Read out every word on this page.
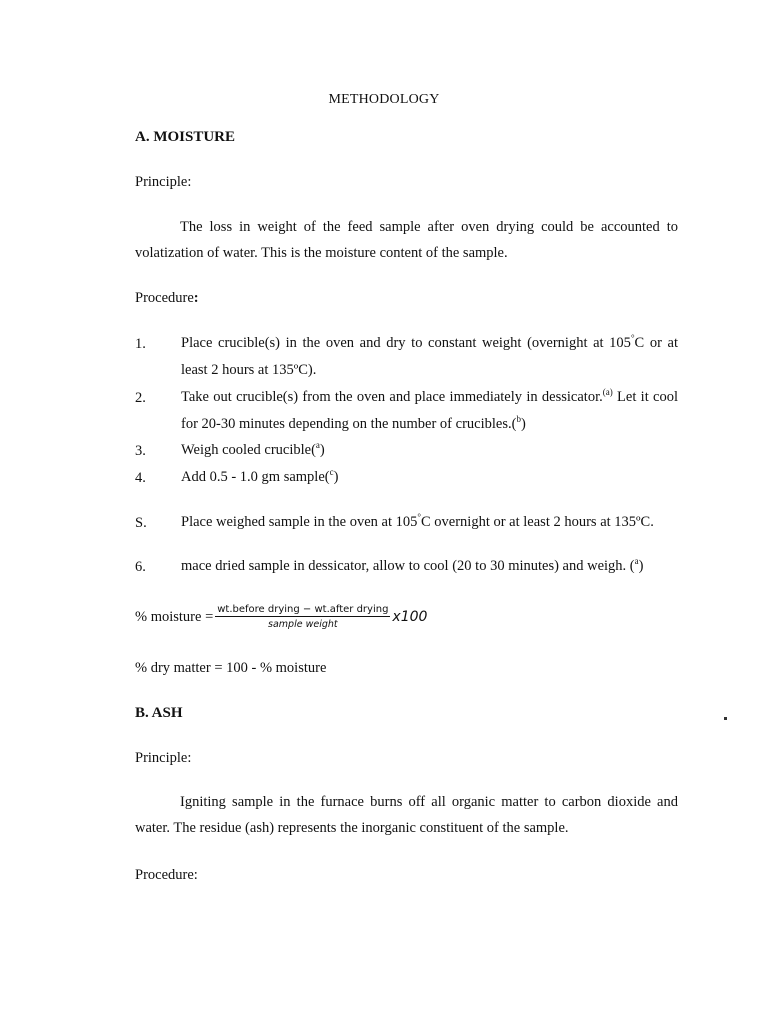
METHODOLOGY
A. MOISTURE
Principle:
The loss in weight of the feed sample after oven drying could be accounted to volatization of water. This is the moisture content of the sample.
Procedure:
1. Place crucible(s) in the oven and dry to constant weight (overnight at 105°C or at least 2 hours at 135ºC).
2. Take out crucible(s) from the oven and place immediately in dessicator.$^{(a)}$ Let it cool for 20-30 minutes depending on the number of crucibles.($^b$)
3. Weigh cooled crucible($^a$)
4. Add 0.5 - 1.0 gm sample($^c$)
S. Place weighed sample in the oven at 105°C overnight or at least 2 hours at 135ºC.
6. mace dried sample in dessicator, allow to cool (20 to 30 minutes) and weigh. ($^a$)
% moisture = $\frac{\text{wt.before drying − wt.after drying}}{\text{sample weight}} x100$
% dry matter = 100 - % moisture
B. ASH
Principle:
Igniting sample in the furnace burns off all organic matter to carbon dioxide and water. The residue (ash) represents the inorganic constituent of the sample.
Procedure:
